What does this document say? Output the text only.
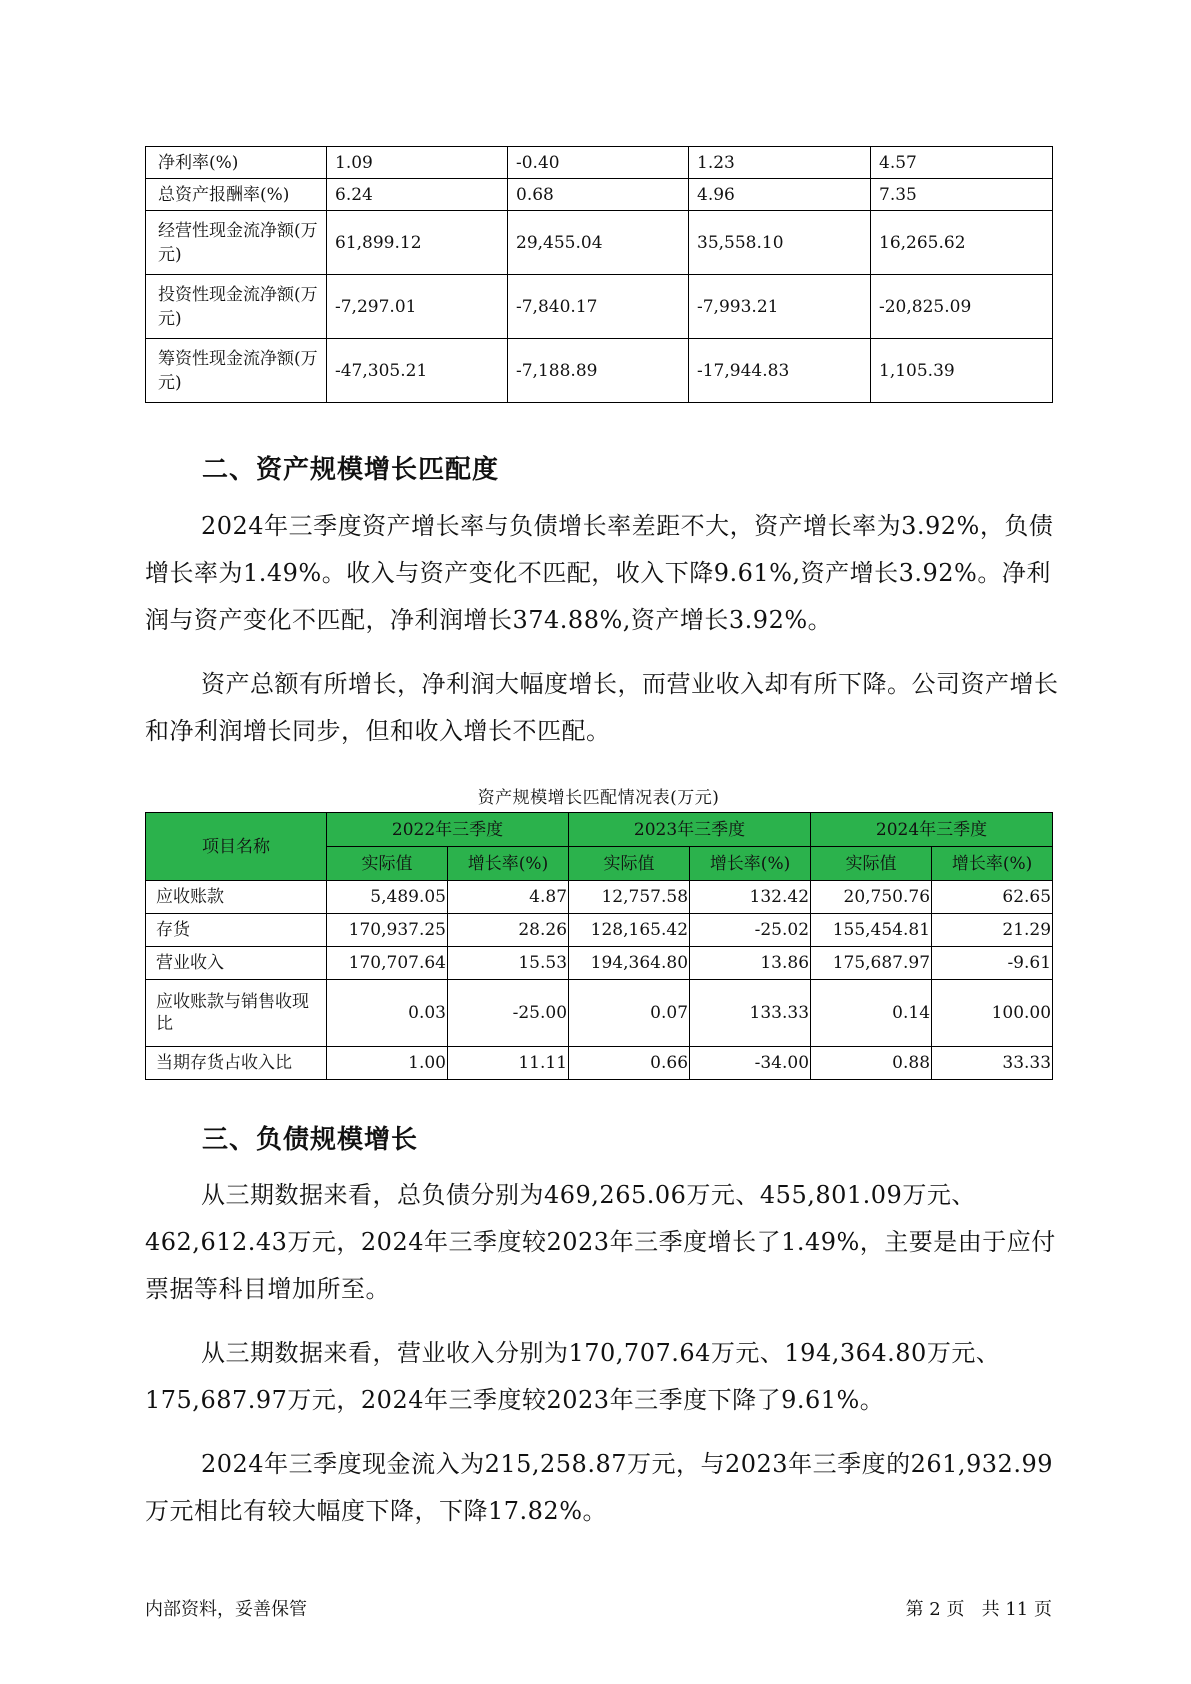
净利率(%)	1.09	-0.40	1.23	4.57
总资产报酬率(%)	6.24	0.68	4.96	7.35
经营性现金流净额(万元)	61,899.12	29,455.04	35,558.10	16,265.62
投资性现金流净额(万元)	-7,297.01	-7,840.17	-7,993.21	-20,825.09
筹资性现金流净额(万元)	-47,305.21	-7,188.89	-17,944.83	1,105.39
二、资产规模增长匹配度

2024年三季度资产增长率与负债增长率差距不大，资产增长率为3.92%，负债增长率为1.49%。收入与资产变化不匹配，收入下降9.61%,资产增长3.92%。净利润与资产变化不匹配，净利润增长374.88%,资产增长3.92%。

资产总额有所增长，净利润大幅度增长，而营业收入却有所下降。公司资产增长和净利润增长同步，但和收入增长不匹配。

资产规模增长匹配情况表(万元)
项目名称	2022年三季度		2023年三季度		2024年三季度	
	实际值	增长率(%)	实际值	增长率(%)	实际值	增长率(%)
应收账款	5,489.05	4.87	12,757.58	132.42	20,750.76	62.65
存货	170,937.25	28.26	128,165.42	-25.02	155,454.81	21.29
营业收入	170,707.64	15.53	194,364.80	13.86	175,687.97	-9.61
应收账款与销售收现比	0.03	-25.00	0.07	133.33	0.14	100.00
当期存货占收入比	1.00	11.11	0.66	-34.00	0.88	33.33
三、负债规模增长

从三期数据来看，总负债分别为469,265.06万元、455,801.09万元、462,612.43万元，2024年三季度较2023年三季度增长了1.49%，主要是由于应付票据等科目增加所至。

从三期数据来看，营业收入分别为170,707.64万元、194,364.80万元、175,687.97万元，2024年三季度较2023年三季度下降了9.61%。

2024年三季度现金流入为215,258.87万元，与2023年三季度的261,932.99万元相比有较大幅度下降，下降17.82%。

内部资料，妥善保管	第 2 页   共 11 页
